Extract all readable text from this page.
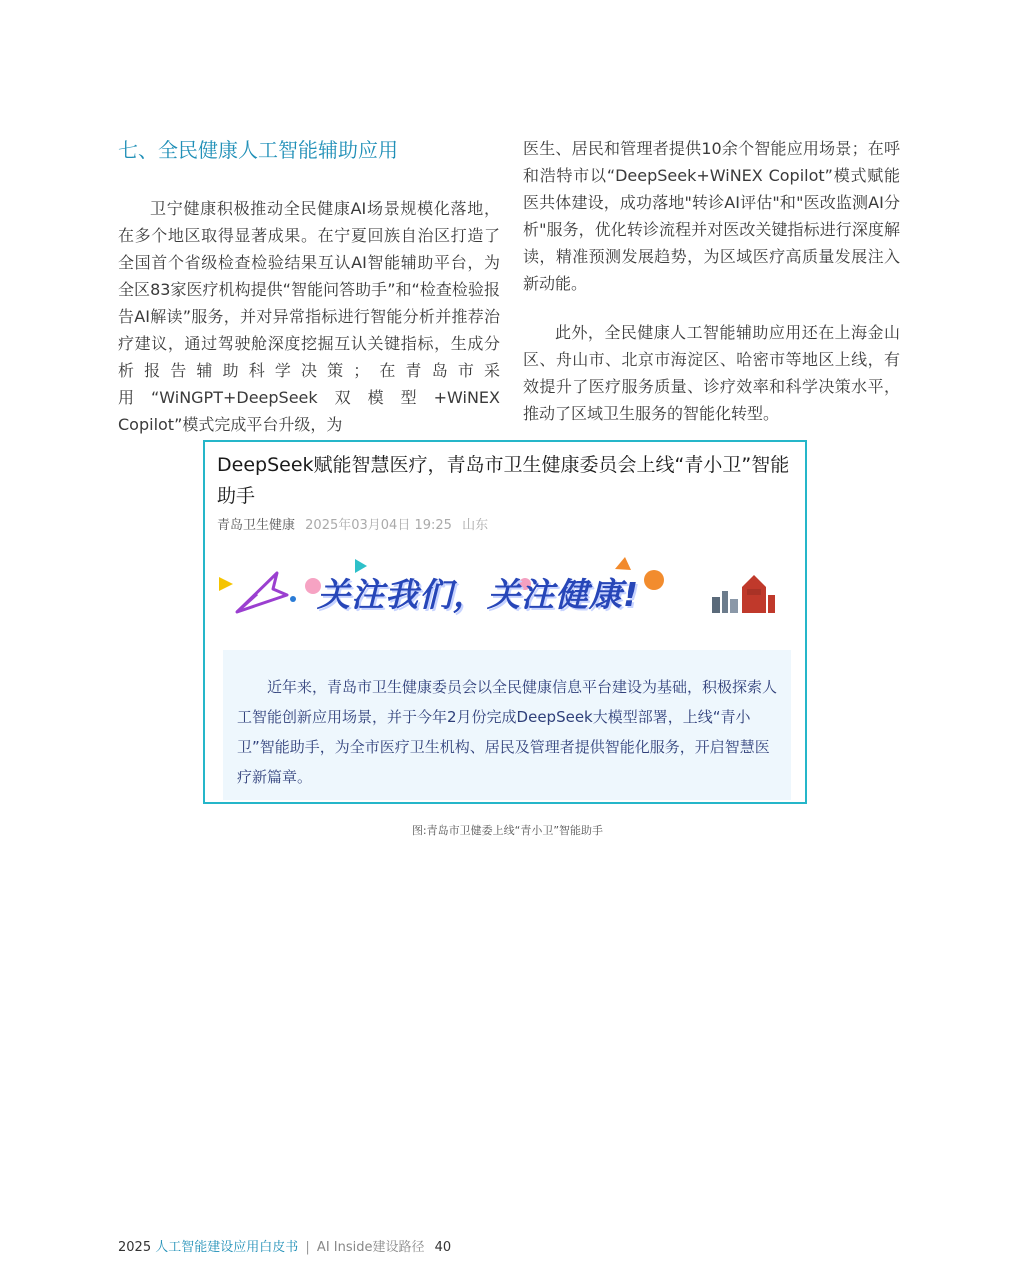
七、全民健康人工智能辅助应用

卫宁健康积极推动全民健康AI场景规模化落地，在多个地区取得显著成果。在宁夏回族自治区打造了全国首个省级检查检验结果互认AI智能辅助平台，为全区83家医疗机构提供“智能问答助手”和“检查检验报告AI解读”服务，并对异常指标进行智能分析并推荐治疗建议，通过驾驶舱深度挖掘互认关键指标，生成分析报告辅助科学决策；在青岛市采用“WiNGPT+DeepSeek双模型+WiNEX Copilot”模式完成平台升级，为

医生、居民和管理者提供10余个智能应用场景；在呼和浩特市以“DeepSeek+WiNEX Copilot”模式赋能医共体建设，成功落地"转诊AI评估"和"医改监测AI分析"服务，优化转诊流程并对医改关键指标进行深度解读，精准预测发展趋势，为区域医疗高质量发展注入新动能。

此外，全民健康人工智能辅助应用还在上海金山区、舟山市、北京市海淀区、哈密市等地区上线，有效提升了医疗服务质量、诊疗效率和科学决策水平，推动了区域卫生服务的智能化转型。

DeepSeek赋能智慧医疗，青岛市卫生健康委员会上线“青小卫”智能助手
青岛卫生健康 2025年03月04日 19:25 山东
关注我们，关注健康!

近年来，青岛市卫生健康委员会以全民健康信息平台建设为基础，积极探索人工智能创新应用场景，并于今年2月份完成DeepSeek大模型部署，上线“青小卫”智能助手，为全市医疗卫生机构、居民及管理者提供智能化服务，开启智慧医疗新篇章。

图:青岛市卫健委上线“青小卫”智能助手
2025 人工智能建设应用白皮书 | AI Inside建设路径 40
